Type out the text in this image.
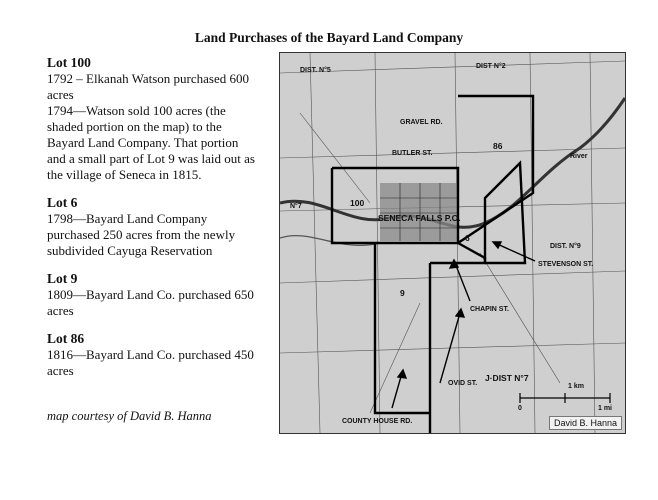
Land Purchases of the Bayard Land Company
Lot 100
1792 – Elkanah Watson purchased 600
acres
1794—Watson sold 100 acres (the
shaded portion on the map) to the
Bayard Land Company. That portion
and a small part of Lot 9 was laid out as
the village of Seneca in 1815.
Lot 6
1798—Bayard Land Company
purchased 250 acres from the newly
subdivided Cayuga Reservation
Lot 9
1809—Bayard Land Co. purchased 650
acres
Lot 86
1816—Bayard Land Co. purchased 450
acres
map courtesy of David B. Hanna
DIST. N°5
DIST N°2
N°7
DIST. N°9
J·DIST N°7
GRAVEL RD.
BUTLER ST.
SENECA FALLS P.O.
STEVENSON ST.
CHAPIN ST.
OVID ST.
COUNTY HOUSE RD.
100
86
6
9
River
1 km
1 mi
0
David B. Hanna
